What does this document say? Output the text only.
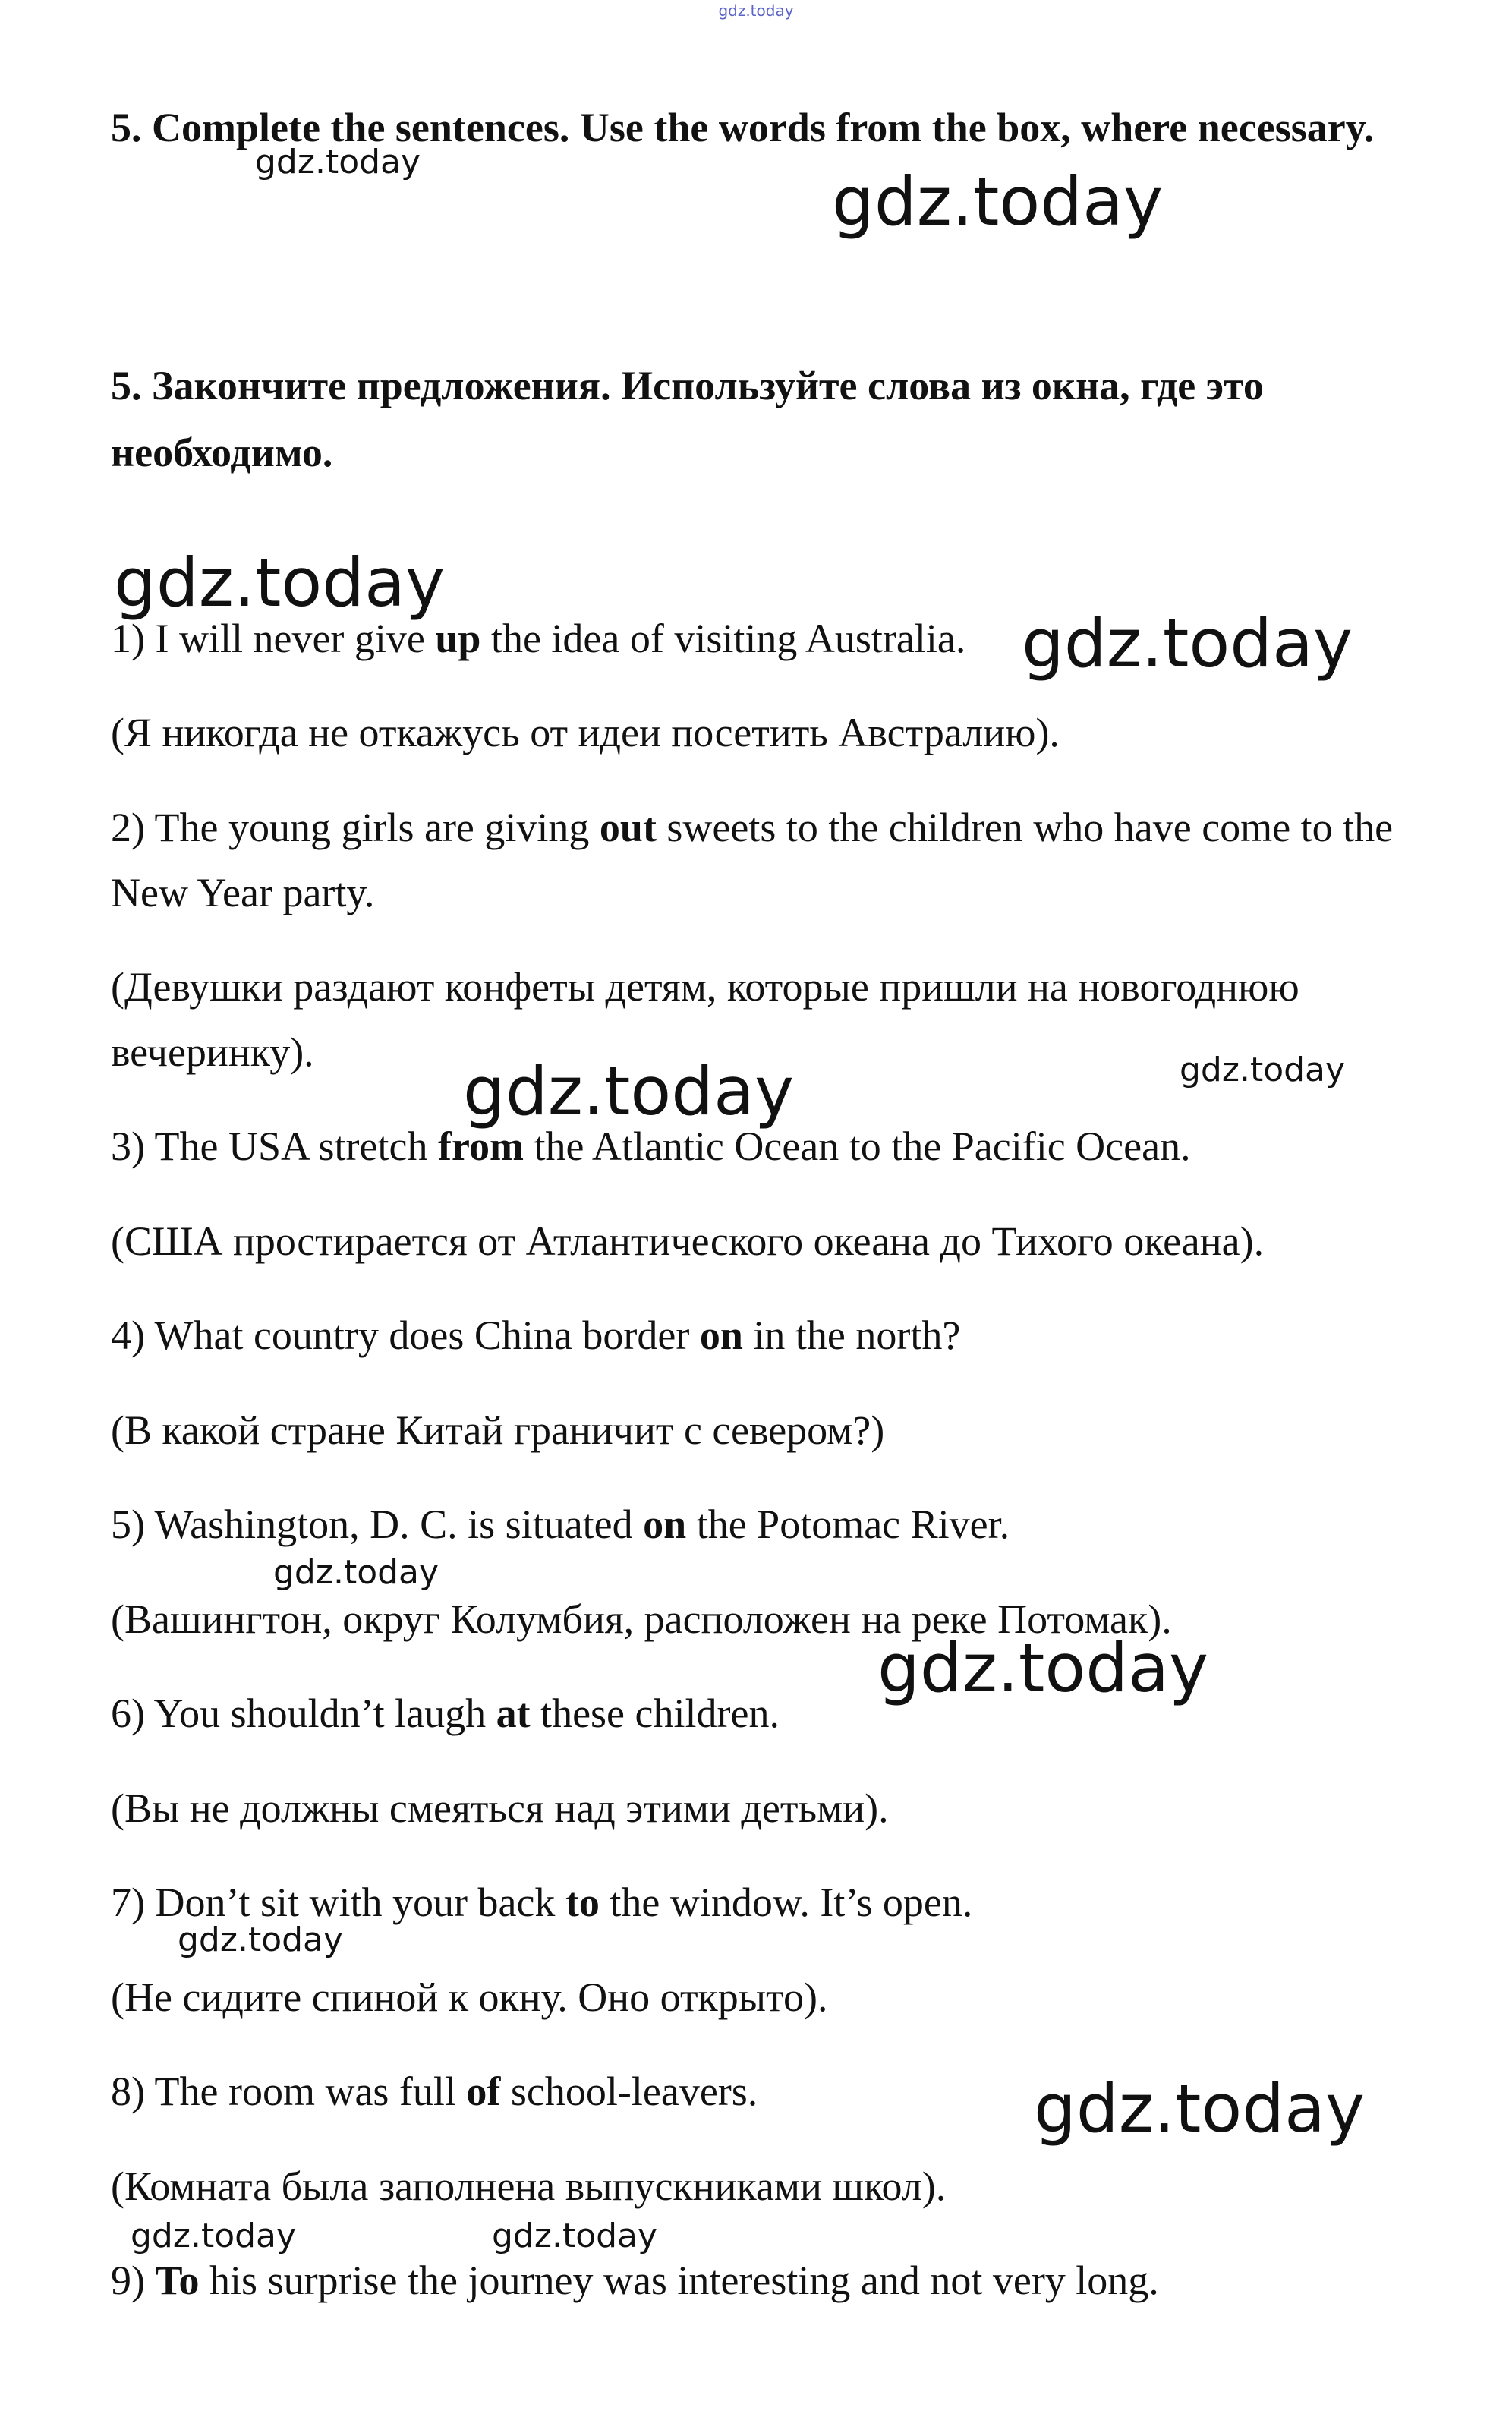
gdz.today

5. Complete the sentences. Use the words from the box, where necessary.

5. Закончите предложения. Используйте слова из окна, где это необходимо.

1) I will never give up the idea of visiting Australia.

(Я никогда не откажусь от идеи посетить Австралию).

2) The young girls are giving out sweets to the children who have come to the New Year party.

(Девушки раздают конфеты детям, которые пришли на новогоднюю вечеринку).

3) The USA stretch from the Atlantic Ocean to the Pacific Ocean.

(США простирается от Атлантического океана до Тихого океана).

4) What country does China border on in the north?

(В какой стране Китай граничит с севером?)

5) Washington, D. C. is situated on the Potomac River.

(Вашингтон, округ Колумбия, расположен на реке Потомак).

6) You shouldn’t laugh at these children.

(Вы не должны смеяться над этими детьми).

7) Don’t sit with your back to the window. It’s open.

(Не сидите спиной к окну. Оно открыто).

8) The room was full of school-leavers.

(Комната была заполнена выпускниками школ).

9) To his surprise the journey was interesting and not very long.

gdz.today
gdz.today
gdz.today
gdz.today
gdz.today	gdz.today
gdz.today
gdz.today
gdz.today
gdz.today
gdz.today	gdz.today
